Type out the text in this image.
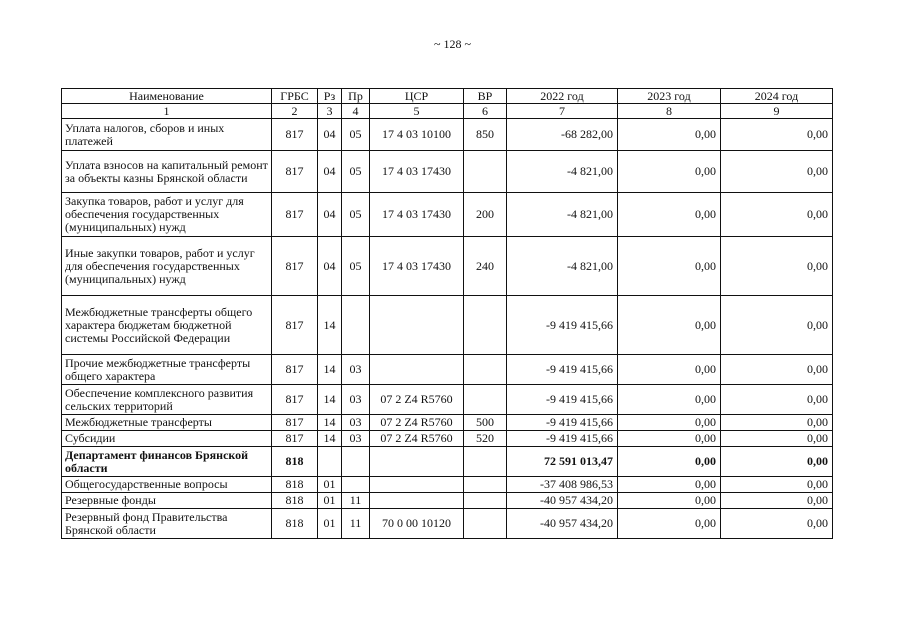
~ 128 ~
Наименование	ГРБС	Рз	Пр	ЦСР	ВР	2022 год	2023 год	2024 год
1	2	3	4	5	6	7	8	9
Уплата налогов, сборов и иных платежей	817	04	05	17 4 03 10100	850	-68 282,00	0,00	0,00
Уплата взносов на капитальный ремонт за объекты казны Брянской области	817	04	05	17 4 03 17430		-4 821,00	0,00	0,00
Закупка товаров, работ и услуг для обеспечения государственных (муниципальных) нужд	817	04	05	17 4 03 17430	200	-4 821,00	0,00	0,00
Иные закупки товаров, работ и услуг для обеспечения государственных (муниципальных) нужд	817	04	05	17 4 03 17430	240	-4 821,00	0,00	0,00
Межбюджетные трансферты общего характера бюджетам бюджетной системы Российской Федерации	817	14				-9 419 415,66	0,00	0,00
Прочие межбюджетные трансферты общего характера	817	14	03			-9 419 415,66	0,00	0,00
Обеспечение комплексного развития сельских территорий	817	14	03	07 2 Z4 R5760		-9 419 415,66	0,00	0,00
Межбюджетные трансферты	817	14	03	07 2 Z4 R5760	500	-9 419 415,66	0,00	0,00
Субсидии	817	14	03	07 2 Z4 R5760	520	-9 419 415,66	0,00	0,00
Департамент финансов Брянской области	818					72 591 013,47	0,00	0,00
Общегосударственные вопросы	818	01				-37 408 986,53	0,00	0,00
Резервные фонды	818	01	11			-40 957 434,20	0,00	0,00
Резервный фонд Правительства Брянской области	818	01	11	70 0 00 10120		-40 957 434,20	0,00	0,00
